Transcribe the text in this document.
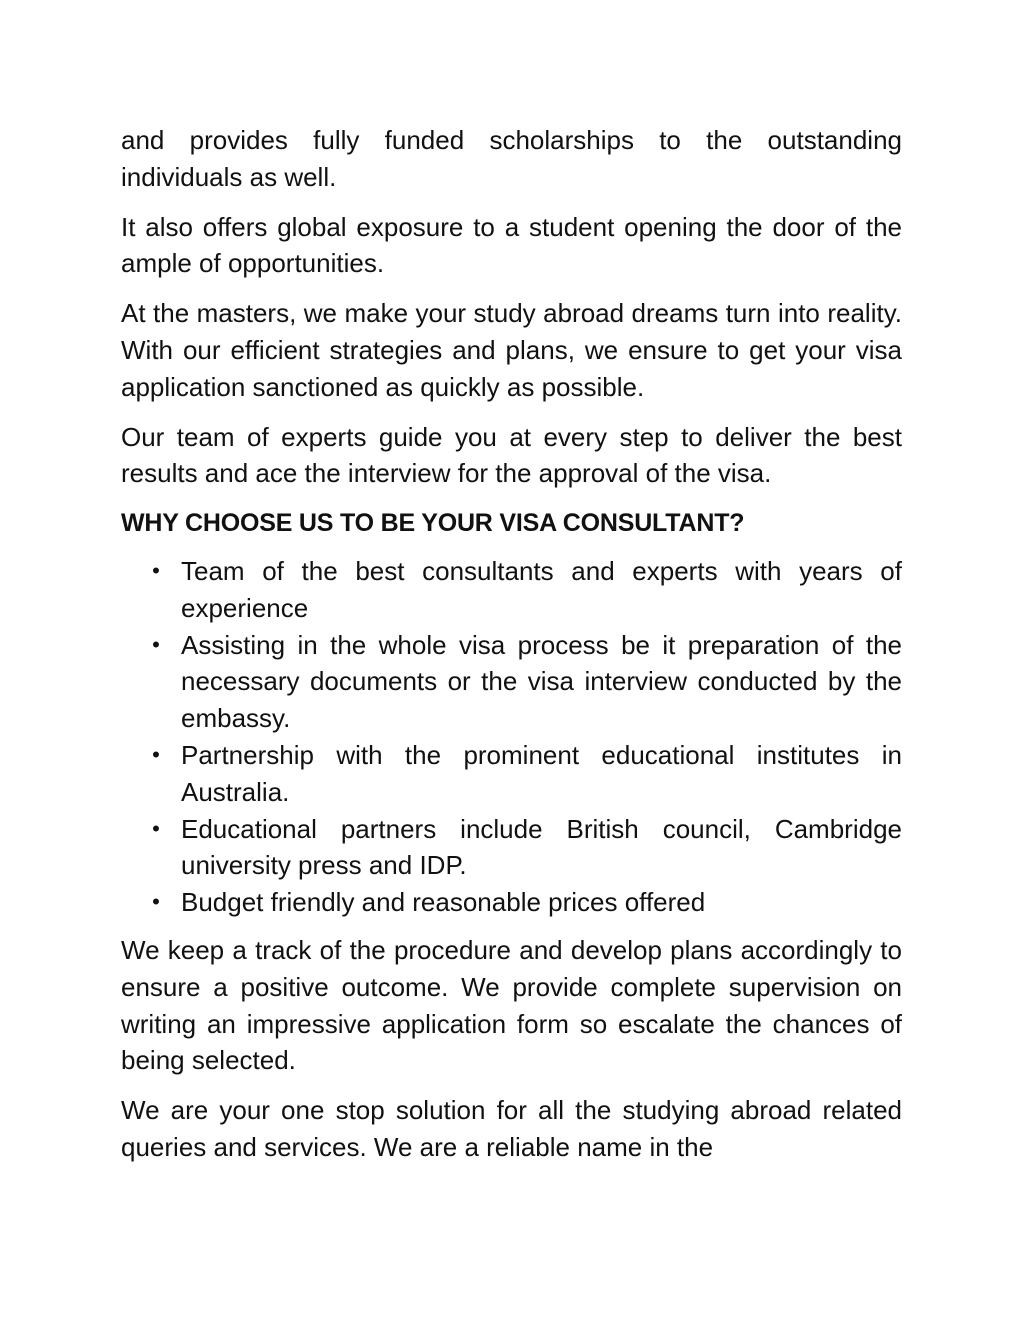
and provides fully funded scholarships to the outstanding individuals as well.

It also offers global exposure to a student opening the door of the ample of opportunities.

At the masters, we make your study abroad dreams turn into reality. With our efficient strategies and plans, we ensure to get your visa application sanctioned as quickly as possible.

Our team of experts guide you at every step to deliver the best results and ace the interview for the approval of the visa.

WHY CHOOSE US TO BE YOUR VISA CONSULTANT?
• Team of the best consultants and experts with years of experience
• Assisting in the whole visa process be it preparation of the necessary documents or the visa interview conducted by the embassy.
• Partnership with the prominent educational institutes in Australia.
• Educational partners include British council, Cambridge university press and IDP.
• Budget friendly and reasonable prices offered

We keep a track of the procedure and develop plans accordingly to ensure a positive outcome. We provide complete supervision on writing an impressive application form so escalate the chances of being selected.

We are your one stop solution for all the studying abroad related queries and services. We are a reliable name in the
